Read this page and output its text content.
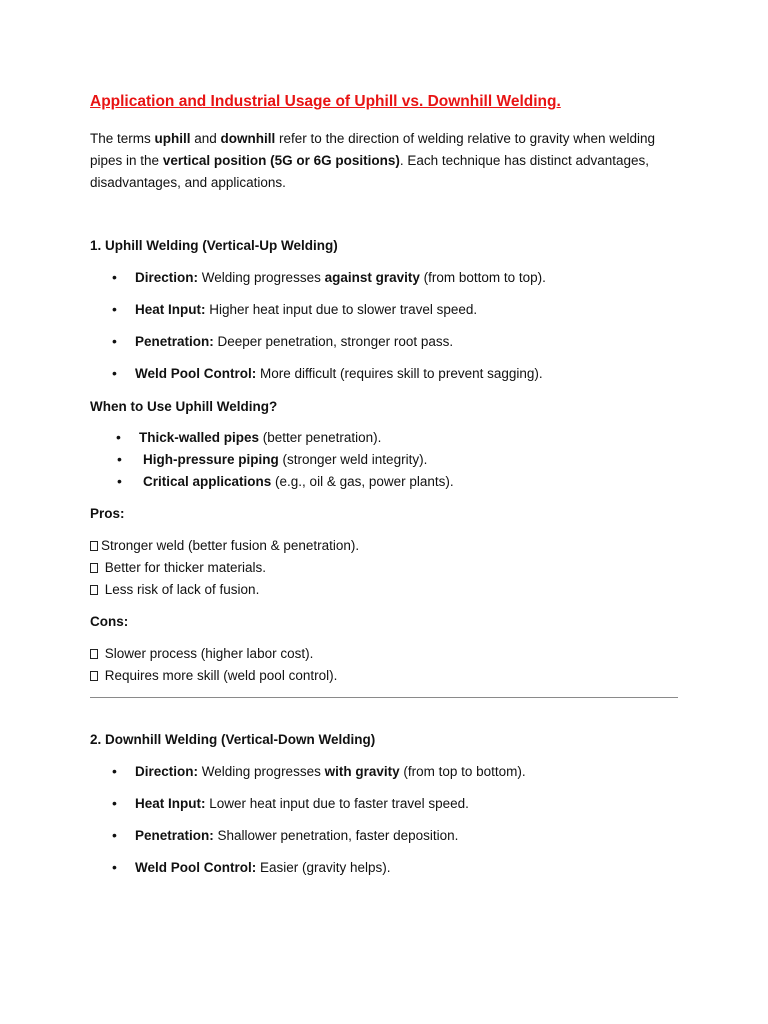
Application and Industrial Usage of Uphill vs. Downhill Welding.
The terms uphill and downhill refer to the direction of welding relative to gravity when welding
pipes in the vertical position (5G or 6G positions). Each technique has distinct advantages,
disadvantages, and applications.
1. Uphill Welding (Vertical-Up Welding)
• Direction: Welding progresses against gravity (from bottom to top).
• Heat Input: Higher heat input due to slower travel speed.
• Penetration: Deeper penetration, stronger root pass.
• Weld Pool Control: More difficult (requires skill to prevent sagging).
When to Use Uphill Welding?
• Thick-walled pipes (better penetration).
• High-pressure piping (stronger weld integrity).
• Critical applications (e.g., oil & gas, power plants).
Pros:
Stronger weld (better fusion & penetration).
Better for thicker materials.
Less risk of lack of fusion.
Cons:
Slower process (higher labor cost).
Requires more skill (weld pool control).
2. Downhill Welding (Vertical-Down Welding)
• Direction: Welding progresses with gravity (from top to bottom).
• Heat Input: Lower heat input due to faster travel speed.
• Penetration: Shallower penetration, faster deposition.
• Weld Pool Control: Easier (gravity helps).
